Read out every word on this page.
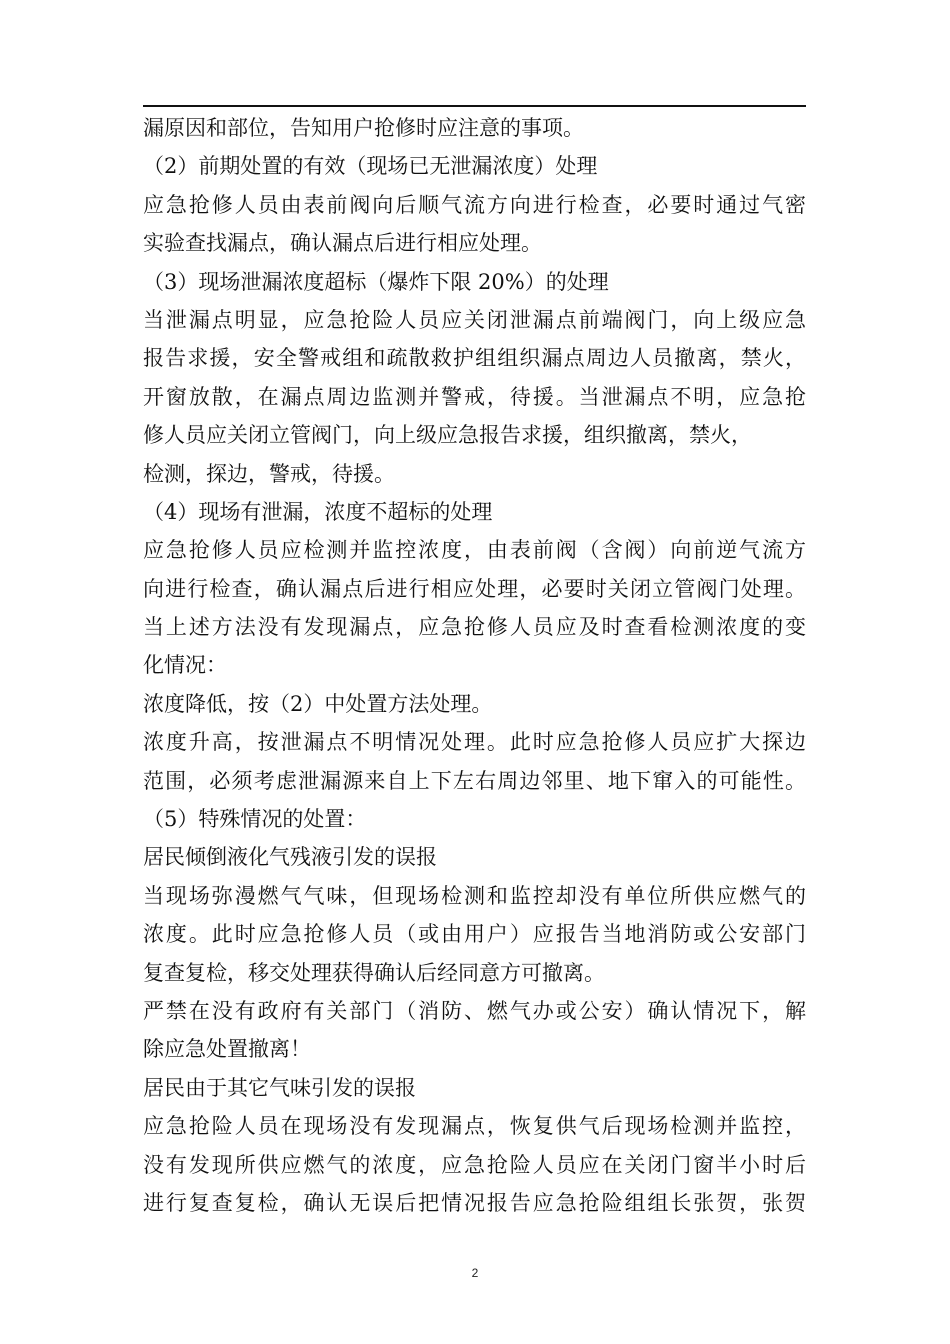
漏原因和部位，告知用户抢修时应注意的事项。
（2）前期处置的有效（现场已无泄漏浓度）处理
应急抢修人员由表前阀向后顺气流方向进行检查，必要时通过气密
实验查找漏点，确认漏点后进行相应处理。
（3）现场泄漏浓度超标（爆炸下限 20%）的处理
当泄漏点明显，应急抢险人员应关闭泄漏点前端阀门，向上级应急
报告求援，安全警戒组和疏散救护组组织漏点周边人员撤离，禁火，
开窗放散，在漏点周边监测并警戒，待援。当泄漏点不明，应急抢
修人员应关闭立管阀门，向上级应急报告求援，组织撤离，禁火，
检测，探边，警戒，待援。
（4）现场有泄漏，浓度不超标的处理
应急抢修人员应检测并监控浓度，由表前阀（含阀）向前逆气流方
向进行检查，确认漏点后进行相应处理，必要时关闭立管阀门处理。
当上述方法没有发现漏点，应急抢修人员应及时查看检测浓度的变
化情况：
浓度降低，按（2）中处置方法处理。
浓度升高，按泄漏点不明情况处理。此时应急抢修人员应扩大探边
范围，必须考虑泄漏源来自上下左右周边邻里、地下窜入的可能性。
（5）特殊情况的处置：
居民倾倒液化气残液引发的误报
当现场弥漫燃气气味，但现场检测和监控却没有单位所供应燃气的
浓度。此时应急抢修人员（或由用户）应报告当地消防或公安部门
复查复检，移交处理获得确认后经同意方可撤离。
严禁在没有政府有关部门（消防、燃气办或公安）确认情况下，解
除应急处置撤离！
居民由于其它气味引发的误报
应急抢险人员在现场没有发现漏点，恢复供气后现场检测并监控，
没有发现所供应燃气的浓度，应急抢险人员应在关闭门窗半小时后
进行复查复检，确认无误后把情况报告应急抢险组组长张贺，张贺
2
